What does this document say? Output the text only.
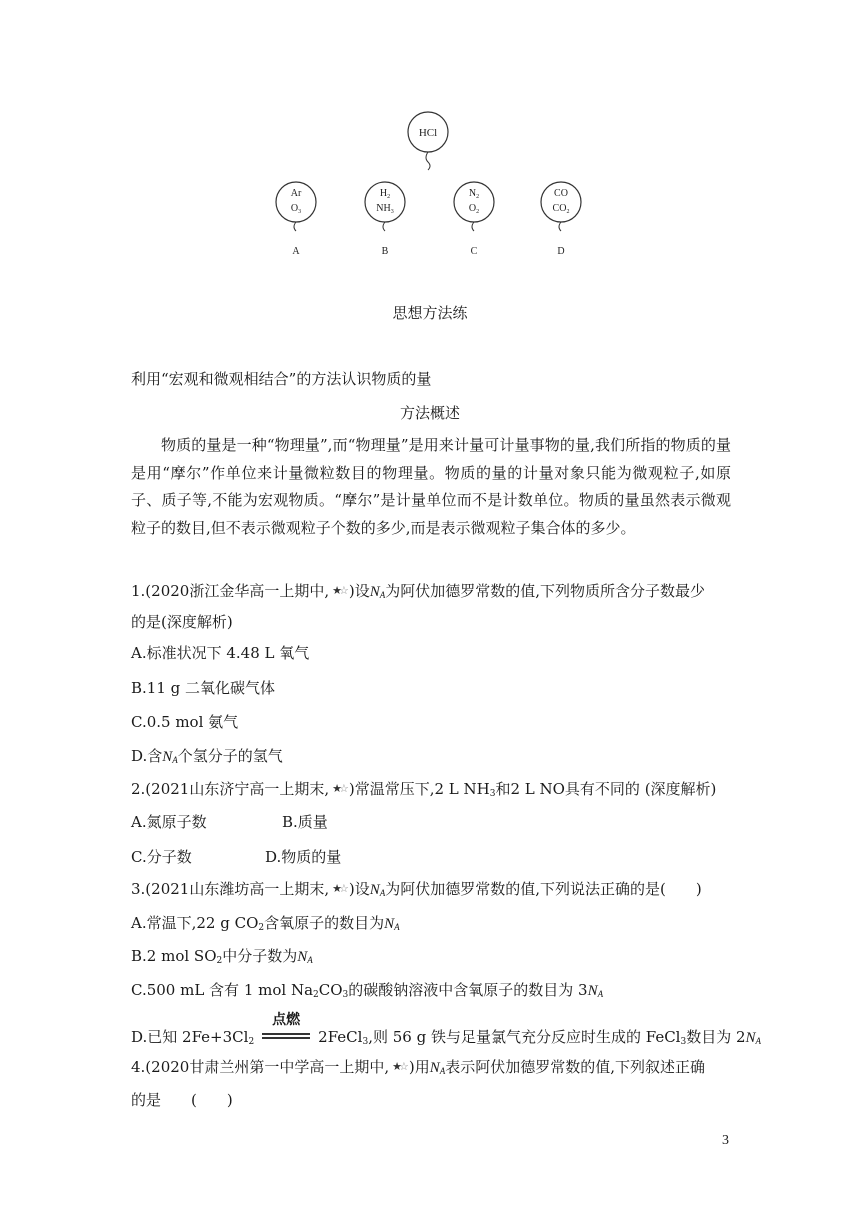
HCl
Ar
$O_3$
A
$H_2$
$NH_3$
B
$N_2$
$O_2$
C
CO
$CO_2$
D
思想方法练
利用“宏观和微观相结合”的方法认识物质的量
方法概述
物质的量是一种“物理量”,而“物理量”是用来计量可计量事物的量,我们所指的物质的量是用“摩尔”作单位来计量微粒数目的物理量。物质的量的计量对象只能为微观粒子,如原子、质子等,不能为宏观物质。“摩尔”是计量单位而不是计数单位。物质的量虽然表示微观粒子的数目,但不表示微观粒子个数的多少,而是表示微观粒子集合体的多少。
1.(2020浙江金华高一上期中, ★☆ )设$N_A$为阿伏加德罗常数的值,下列物质所含分子数最少
的是(深度解析)
A.标准状况下 4.48 L 氧气
B.11 g 二氧化碳气体
C.0.5 mol 氨气
D.含$N_A$个氢分子的氢气
2.(2021山东济宁高一上期末, ★☆ )常温常压下,2 L $NH_3$和2 L NO具有不同的 (深度解析)
A.氮原子数	B.质量
C.分子数	D.物质的量
3.(2021山东潍坊高一上期末, ★☆ )设$N_A$为阿伏加德罗常数的值,下列说法正确的是(　　)
A.常温下,22 g $CO_2$含氧原子的数目为$N_A$
B.2 mol $SO_2$中分子数为$N_A$
C.500 mL 含有 1 mol $Na_2CO_3$的碳酸钠溶液中含氧原子的数目为 $3N_A$
D.已知 $2Fe+3Cl_2$
点燃
2FeCl$_3$,则 56 g 铁与足量氯气充分反应时生成的 FeCl$_3$数目为 $2N_A$
4.(2020甘肃兰州第一中学高一上期中, ★☆ )用$N_A$表示阿伏加德罗常数的值,下列叙述正确
的是　　(　　)
3
